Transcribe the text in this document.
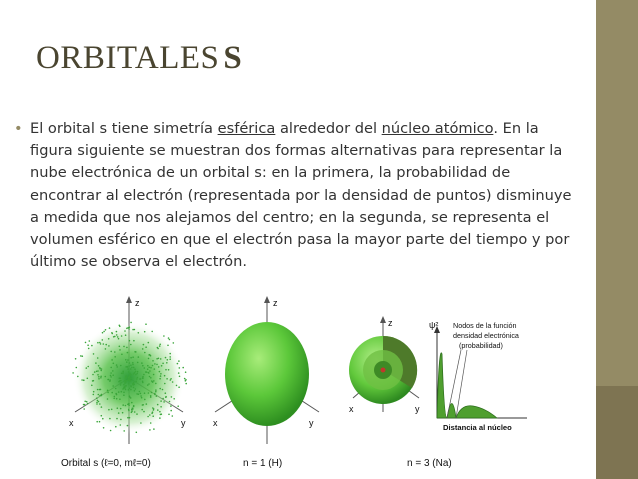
ORBITALES S
• El orbital s tiene simetría esférica alrededor del núcleo atómico. En la figura siguiente se muestran dos formas alternativas para representar la nube electrónica de un orbital s: en la primera, la probabilidad de encontrar al electrón (representada por la densidad de puntos) disminuye a medida que nos alejamos del centro; en la segunda, se representa el volumen esférico en que el electrón pasa la mayor parte del tiempo y por último se observa el electrón.
z
x	y
z
x	y
z
x	y
ψ² Nodos de la función
densidad electrónica
(probabilidad)
Distancia al núcleo
Orbital s (ℓ=0, mℓ=0)	n = 1 (H)	n = 3 (Na)
